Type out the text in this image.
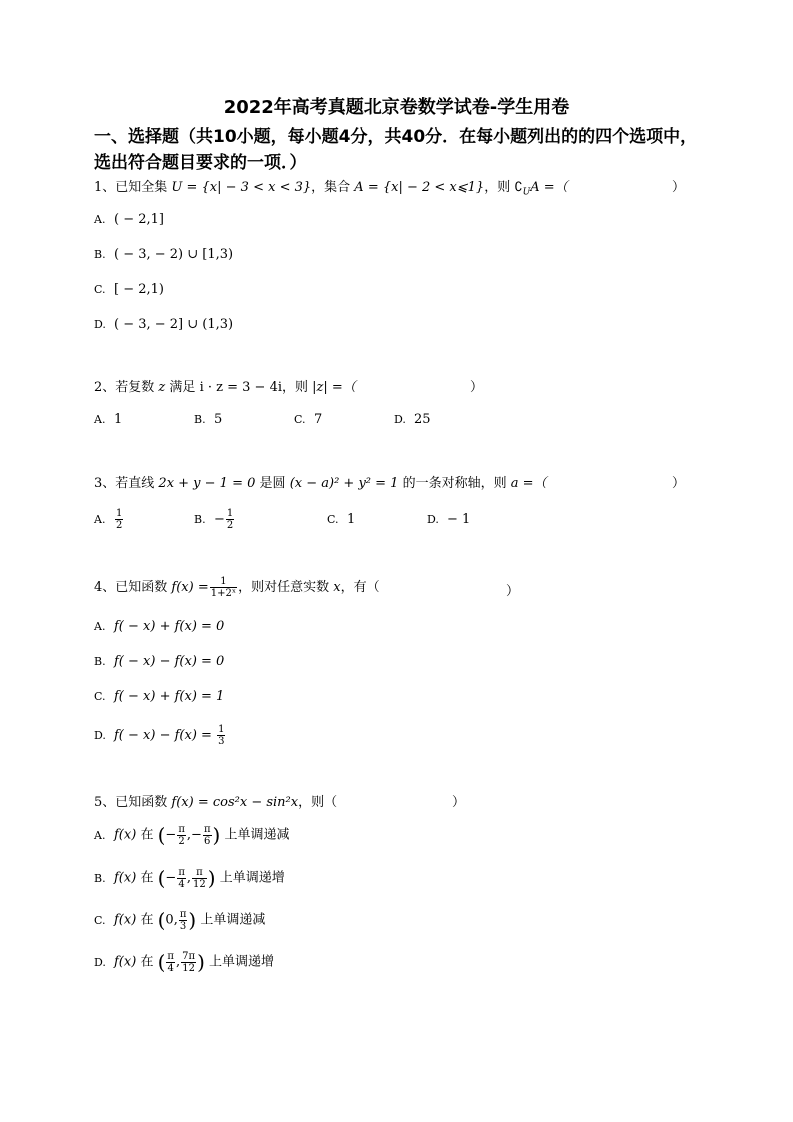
2022年高考真题北京卷数学试卷-学生用卷
一、选择题（共10小题，每小题4分，共40分．在每小题列出的的四个选项中，选出符合题目要求的一项．）
1、已知全集 U = {x| − 3 < x < 3}，集合 A = {x| − 2 < x⩽1}，则 $∁_UA$ =（	）
A. ( − 2,1]
B. ( − 3, − 2) ∪ [1,3)
C. [ − 2,1)
D. ( − 3, − 2] ∪ (1,3)
2、若复数 z 满足 i · z = 3 − 4i，则 |z| =（	）
A. 1	B. 5	C. 7	D. 25
3、若直线 2x + y − 1 = 0 是圆 (x − a)² + y² = 1 的一条对称轴，则 a =（	）
A. $\frac{1}{2}$	B. − $\frac{1}{2}$	C. 1	D. − 1
4、已知函数 $f(x) = \frac{1}{\text{1+2ˣ}}$ ，则对任意实数 x，有（	）
A. f( − x) + f(x) = 0
B. f( − x) − f(x) = 0
C. f( − x) + f(x) = 1
D. $f( - x) - f(x) = \frac{1}{3}$
5、已知函数 f(x) = cos²x − sin²x，则（	）
A. f(x) 在 (− $\frac{\pi}{2}$ ,− $\frac{\pi}{6}$ ) 上单调递减
B. f(x) 在 (− $\frac{\pi}{4}$ , $\frac{\pi}{12}$ ) 上单调递增
C. f(x) 在 (0, $\frac{\pi}{3}$ ) 上单调递减
D. f(x) 在 ( $\frac{\pi}{4}$ , $\frac{7\pi}{12}$ ) 上单调递增
